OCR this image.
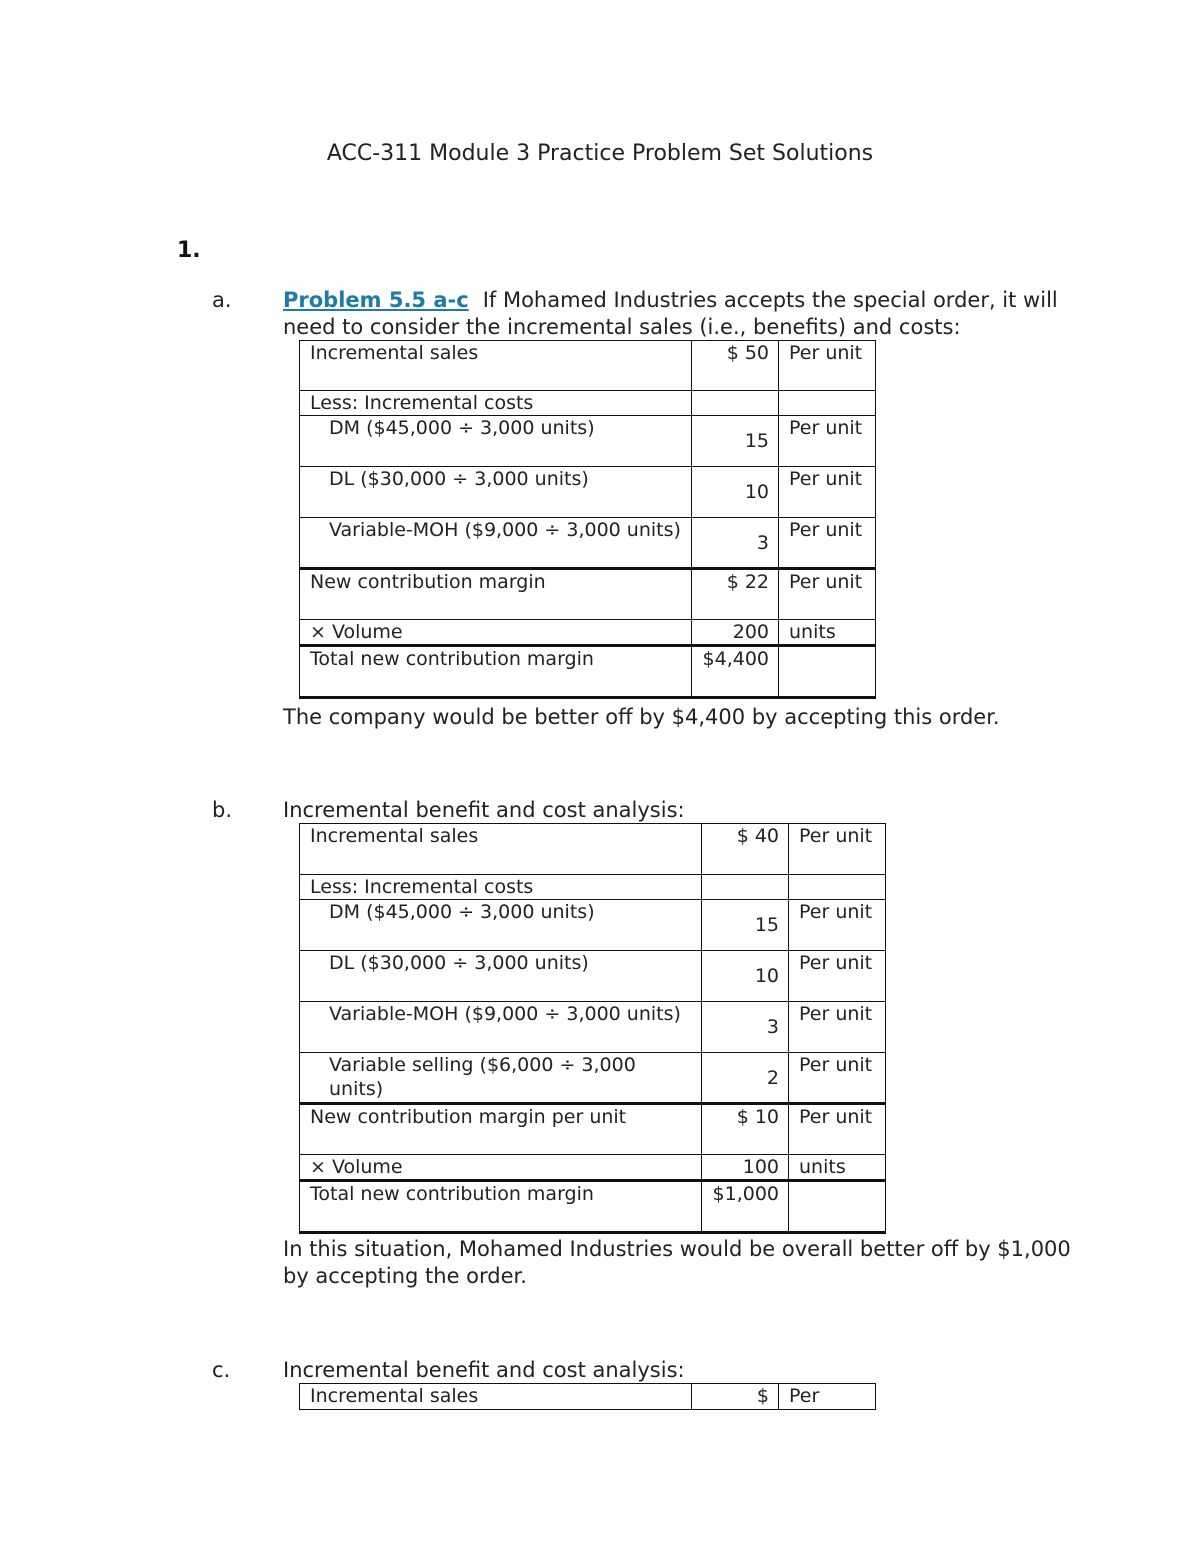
ACC-311 Module 3 Practice Problem Set Solutions
1.
a. Problem 5.5 a-c If Mohamed Industries accepts the special order, it will need to consider the incremental sales (i.e., benefits) and costs:
Incremental sales	$ 50	Per unit
Less: Incremental costs		
DM ($45,000 ÷ 3,000 units)	15	Per unit
DL ($30,000 ÷ 3,000 units)	10	Per unit
Variable-MOH ($9,000 ÷ 3,000 units)	3	Per unit
New contribution margin	$ 22	Per unit
× Volume	200	units
Total new contribution margin	$4,400	
The company would be better off by $4,400 by accepting this order.
b. Incremental benefit and cost analysis:
Incremental sales	$ 40	Per unit
Less: Incremental costs		
DM ($45,000 ÷ 3,000 units)	15	Per unit
DL ($30,000 ÷ 3,000 units)	10	Per unit
Variable-MOH ($9,000 ÷ 3,000 units)	3	Per unit
Variable selling ($6,000 ÷ 3,000 units)	2	Per unit
New contribution margin per unit	$ 10	Per unit
× Volume	100	units
Total new contribution margin	$1,000	
In this situation, Mohamed Industries would be overall better off by $1,000 by accepting the order.
c.	Incremental benefit and cost analysis:
Incremental sales	$	Per
